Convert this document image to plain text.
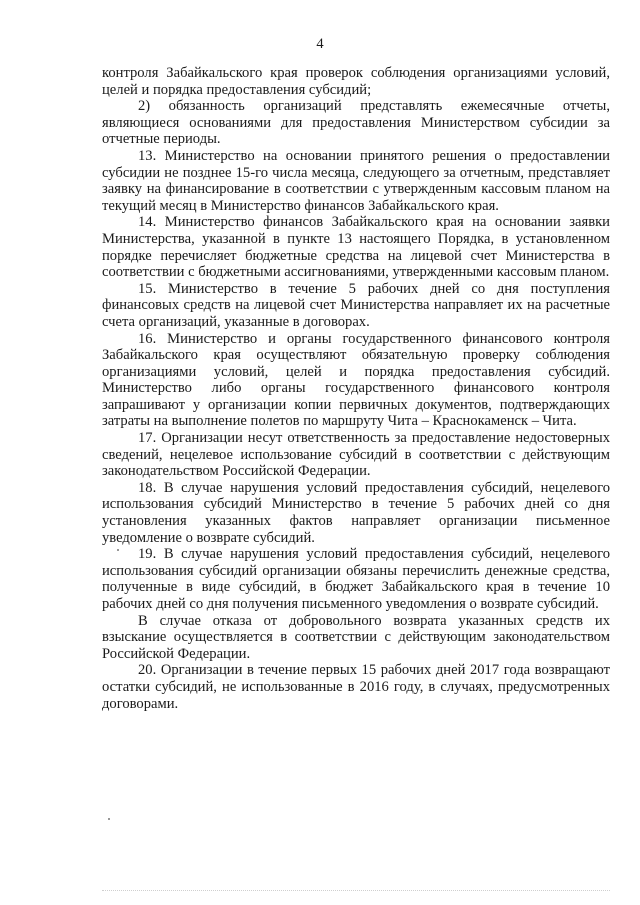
4

контроля Забайкальского края проверок соблюдения организациями условий, целей и порядка предоставления субсидий;

2) обязанность организаций представлять ежемесячные отчеты, являющиеся основаниями для предоставления Министерством субсидии за отчетные периоды.

13. Министерство на основании принятого решения о предоставлении субсидии не позднее 15-го числа месяца, следующего за отчетным, представляет заявку на финансирование в соответствии с утвержденным кассовым планом на текущий месяц в Министерство финансов Забайкальского края.

14. Министерство финансов Забайкальского края на основании заявки Министерства, указанной в пункте 13 настоящего Порядка, в установленном порядке перечисляет бюджетные средства на лицевой счет Министерства в соответствии с бюджетными ассигнованиями, утвержденными кассовым планом.

15. Министерство в течение 5 рабочих дней со дня поступления финансовых средств на лицевой счет Министерства направляет их на расчетные счета организаций, указанные в договорах.

16. Министерство и органы государственного финансового контроля Забайкальского края осуществляют обязательную проверку соблюдения организациями условий, целей и порядка предоставления субсидий. Министерство либо органы государственного финансового контроля запрашивают у организации копии первичных документов, подтверждающих затраты на выполнение полетов по маршруту Чита – Краснокаменск – Чита.

17. Организации несут ответственность за предоставление недостоверных сведений, нецелевое использование субсидий в соответствии с действующим законодательством Российской Федерации.

18. В случае нарушения условий предоставления субсидий, нецелевого использования субсидий Министерство в течение 5 рабочих дней со дня установления указанных фактов направляет организации письменное уведомление о возврате субсидий.

19. В случае нарушения условий предоставления субсидий, нецелевого использования субсидий организации обязаны перечислить денежные средства, полученные в виде субсидий, в бюджет Забайкальского края в течение 10 рабочих дней со дня получения письменного уведомления о возврате субсидий.

В случае отказа от добровольного возврата указанных средств их взыскание осуществляется в соответствии с действующим законодательством Российской Федерации.

20. Организации в течение первых 15 рабочих дней 2017 года возвращают остатки субсидий, не использованные в 2016 году, в случаях, предусмотренных договорами.
